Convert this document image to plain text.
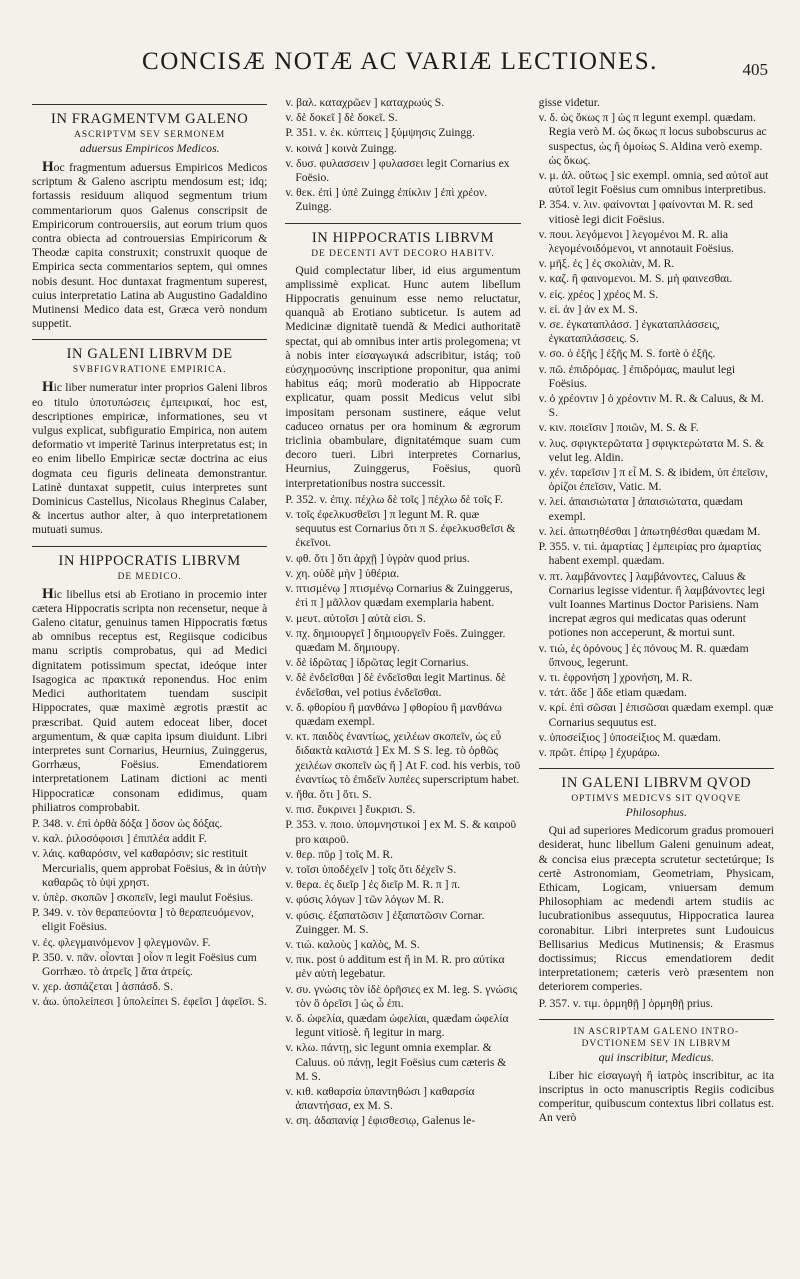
CONCISÆ NOTÆ AC VARIÆ LECTIONES.	405
IN FRAGMENTVM GALENO
ASCRIPTVM SEV SERMONEM
aduersus Empiricos Medicos.

Hoc fragmentum aduersus Empiricos Medicos scriptum & Galeno ascriptu mendosum est; idq; fortassis residuum aliquod segmentum trium commentariorum quos Galenus conscripsit de Empiricorum controuersiis, aut eorum trium quos contra obiecta ad controuersias Empiricorum & Theodæ capita construxit; construxit quoque de Empirica secta commentarios septem, qui omnes nobis desunt. Hoc duntaxat fragmentum superest, cuius interpretatio Latina ab Augustino Gadaldino Mutinensi Medico data est, Græca verò nondum suppetit.

IN GALENI LIBRVM DE
SVBFIGVRATIONE EMPIRICA.

Hic liber numeratur inter proprios Galeni libros eo titulo ὑποτυπώσεις ἐμπειρικαί, hoc est, descriptiones empiricæ, informationes, seu vt vulgus explicat, subfiguratio Empirica, non autem deformatio vt imperitè Tarinus interpretatus est; in eo enim libello Empiricæ sectæ doctrina ac eius dogmata ceu figuris delineata demonstrantur. Latinè duntaxat suppetit, cuius interpretes sunt Dominicus Castellus, Nicolaus Rheginus Calaber, & incertus author alter, à quo interpretationem mutuati sumus.

IN HIPPOCRATIS LIBRVM
DE MEDICO.

Hic libellus etsi ab Erotiano in procemio inter cætera Hippocratis scripta non recensetur, neque à Galeno citatur, genuinus tamen Hippocratis fœtus ab omnibus receptus est, Regiisque codicibus manu scriptis comprobatus, qui ad Medici dignitatem potissimum spectat, ideóque inter Isagogica ac πρακτικά reponendus. Hoc enim Medici authoritatem tuendam suscipit Hippocrates, quæ maximè ægrotis præstit ac præscribat. Quid autem edoceat liber, docet argumentum, & quæ capita ipsum diuidunt. Libri interpretes sunt Cornarius, Heurnius, Zuinggerus, Gorrhæus, Foësius. Emendatiorem interpretationem Latinam dictioni ac menti Hippocraticæ consonam edidimus, quam philiatros comprobabit.

P. 348. v. ἐπὶ ὀρθὰ δόξα ] ὅσον ὡς δόξας.
v. καλ. ῥιλοσόφοισι ] ἐπιπλέα addit F.
v. λάις. καθαρόσιν, vel καθαρόσιν; sic restituit Mercurialis, quem approbat Foësius, & in ἀὐτὴν καθαρῶς τὸ ὑψὶ χρηστ.
v. ὑπὲρ. σκοπῶν ] σκοπεῖν, legi maulut Foësius.
P. 349. v. τὸν θεραπεύοντα ] τὸ θεραπευόμενον, eligit Foësius.
v. ἐς. φλεγμαινόμενον ] φλεγμονῶν. F.
P. 350. v. πᾶν. οἷονται ] οἷον π legit Foësius cum Gorrhæo. τὸ ἀτρεῖς ] ἄτα ἀτρείς.
v. χερ. ἀσπάζεται ] ἀσπάσδ. S.
v. ἀω. ὑπολείπεσι ] ὑπολείπει S. ἐφεῖσι ] ἀφεῖσι. S.
v. βαλ. καταχρῶεν ] καταχρωύς S.
v. δὲ δοκεῖ ] δὲ δοκεῖ. S.
P. 351. v. ἐκ. κύπτεις ] ξύμψησις Zuingg.
v. κοινά ] κοινὰ Zuingg.
v. δυσ. φυλασσειν ] φυλασσει legit Cornarius ex Foësio.
v. θεκ. ἐπὶ ] ὑπὲ Zuingg ἐπίκλιν ] ἐπὶ χρέον. Zuingg.
IN HIPPOCRATIS LIBRVM
DE DECENTI AVT DECORO HABITV.

Quid complectatur liber, id eius argumentum amplissimè explicat. Hunc autem libellum Hippocratis genuinum esse nemo reluctatur, quanquã ab Erotiano subticetur. Is autem ad Medicinæ dignitatẽ tuendã & Medici authoritatẽ spectat, qui ab omnibus inter artis prolegomena; vt à nobis inter εἰσαγωγικά adscribitur, istáq; τοῦ εὐσχημοσύνης inscriptione proponitur, qua animi habitus eáq; morũ moderatio ab Hippocrate explicatur, quam possit Medicus velut sibi impositam personam sustinere, eáque velut caduceo ornatus per ora hominum & ægrorum tricliniа obambulare, dignitatémque suam cum decoro tueri. Libri interpretes Cornarius, Heurnius, Zuinggerus, Foësius, quorũ interpretationibus nostra successit.

P. 352. v. ἐπιχ. πέχλω δὲ τοῖς ] πέχλω δὲ τοῖς F.
v. τοῖς ἐφελκυσθεῖσι ] π legunt M. R. quæ sequutus est Cornarius ὅτι π S. ἐφελκυσθεῖσι & ἐκεῖνοι.
v. φθ. ὅτι ] ὅτι ἀρχῇ ] ὑγρὰν quod prius.
v. χη. οὐδὲ μὴν ] ὑθέρια.
v. πτισμένῳ ] πτισμένῳ Cornarius & Zuinggerus, ἐτὶ π ] μᾶλλον quædam exemplaria habent.
v. μευτ. αὐτοῖσι ] αὐτὰ εἰσι. S.
v. πχ. δημιουργεῖ ] δημιουργεῖν Foës. Zuingger. quædam M. δημιουργ.
v. δὲ ἰδρῶτας ] ἰδρῶτας legit Cornarius.
v. δὲ ἐνδεῖσθαι ] δὲ ἐνδεῖσθαι legit Martinus. δὲ ἐνδεῖσθαι, vel potius ἐνδεῖσθαι.
v. δ. φθορίου ἢ μανθάνω ] φθορίου ἢ μανθάνω quædam exempl.
v. κτ. παιδὸς ἐναντίως, χειλέων σκοπεῖν, ὡς εὖ διδακτὰ καλιστά ] Ex M. S S. leg. τὸ ὀρθῶς χειλέων σκοπεῖν ὡς ἤ ] At F. cod. his verbis, τοῦ ἐναντίως τὸ ἐπιδεῖν λυπέες superscriptum habet.
v. ἤθα. ὅτι ] ὅτι. S.
v. πισ. ἔυκρινει ] ἔυκρισι. S.
P. 353. v. ποιο. ὑπομνηστικοὶ ] ex M. S. & καιροῦ pro καιροῦ.
v. θερ. πῦρ ] τοῖς M. R.
v. τοῖσι ὑποδέχεῖν ] τοῖς ὅτι δέχεῖν S.
v. θερα. ἐς διεῖρ ] ἐς διεῖρ M. R. π ] π.
v. φύσις λόγων ] τῶν λόγων M. R.
v. φύσις. ἐξαπατῶσιν ] ἐξαπατῶσιν Cornar. Zuingger. M. S.
v. τιώ. καλοὺς ] καλὸς, M. S.
v. πικ. post ὑ additum est ἤ in M. R. pro αὐτίκα μὲν αὐτὴ legebatur.
v. συ. γνώσις τὸν ἰδὲ ὁρῆσιες ex M. leg. S. γνώσις τὸν ὃ ὁρεῖσι ] ὡς ὧ ἐπι.
v. δ. ὠφελία, quædam ὠφελίαι, quædam ὠφελία legunt vitiosè. ἤ legitur in marg.
v. κλω. πάντῃ, sic legunt omnia exemplar. & Caluus. οὐ πάνῃ, legit Foësius cum cæteris & M. S.
v. κιθ. καθαρσία ὑπαντηθώσι ] καθαρσία ἀπαντήσασ, ex M. S.
v. ση. ἀδαπανίᾳ ] ἐφισθεσιῳ, Galenus le-
gisse videtur.
v. δ. ὡς ὅκως π ] ὡς π legunt exempl. quædam. Regia verò M. ὡς ὅκως π locus subobscurus ac suspectus, ὡς ἤ ὁμοίως S. Aldina verò exemp. ὡς ὅκως.
v. μ. ἀλ. οὕτως ] sic exempl. omnia, sed αὐτοῖ aut αὐτοῖ legit Foësius cum omnibus interpretibus.
P. 354. v. λιν. φαίνονται ] φαίνονται M. R. sed vitiosè legi dicit Foësius.
v. πουι. λεγόμενοι ] λεγομένοι M. R. alia λεγομένοιδόμενοι, vt annotauit Foësius.
v. μῆξ. ἐς ] ἐς σκολιὰν, M. R.
v. καζ. ἢ φαινομενοι. M. S. μὴ φαινεσθαι.
v. εἰς. χρέος ] χρέος M. S.
v. εἰ. ἀν ] ἀν ex M. S.
v. σε. ἐγκαταπλάσσ. ] ἐγκαταπλάσσεις, ἐγκαταπλάσσεις. S.
v. σο. ὁ ἐξῆς ] ἐξῆς M. S. fortè ὁ ἐξῆς.
v. πῶ. ἐπιδρόμας. ] ἐπιδρόμας, maulut legi Foësius.
v. ὁ χρέοντιν ] ὁ χρέοντιν M. R. & Caluus, & M. S.
v. κιν. ποιεῖσιν ] ποιῶν, M. S. & F.
v. λυς. σφιγκτερῶτατα ] σφιγκτερώτατα M. S. & velut leg. Aldin.
v. χέν. ταρεῖσιν ] π εἶ M. S. & ibidem, ὑπ ἐπεῖσιν, ὁρίζοι ἐπεῖσιν, Vatic. M.
v. λεί. ἀπαισιώτατα ] ἀπαισιώτατα, quædam exempl.
v. λεί. ἀπωτηθέσθαι ] ἀπωτηθέσθαι quædam M.
P. 355. v. τιὶ. ἀμαρτίας ] ἐμπειρίας pro ἀμαρτίας habent exempl. quædam.
v. πτ. λαμβάνοντες ] λαμβάνοντες, Caluus & Cornarius legisse videntur. ἤ λαμβάνοντες legi vult Ioannes Martinus Doctor Parisiens. Nam increpat ægros qui medicatas quas oderunt potiones non acceperunt, & mortui sunt.
v. τιώ, ἐς ὁρόνους ] ἐς πόνους M. R. quædam ὕπνους, legerunt.
v. τι. ἐφρονήση ] χρονήση, M. R.
v. τάτ. ἄδε ] ἄδε etiam quædam.
v. κρί. ἐπὶ σῶσαι ] ἐπισῶσαι quædam exempl. quæ Cornarius sequutus est.
v. ὑποσείξιος ] ὑποσείξιος M. quædam.
v. πρῶτ. ἐπίρῳ ] ἐχυράρω.
IN GALENI LIBRVM QVOD
OPTIMVS MEDICVS SIT QVOQVE
Philosophus.

Qui ad superiores Medicorum gradus promoueri desiderat, hunc libellum Galeni genuinum adeat, & concisa eius præcepta scrutetur sectetúrque; Is certè Astronomiam, Geometriam, Physicam, Ethicam, Logicam, vniuersam demum Philosophiam ac medendi artem studiis ac lucubrationibus assequutus, Hippocratica laurea coronabitur. Libri interpretes sunt Ludouicus Bellisarius Medicus Mutinensis; & Erasmus doctissimus; Riccus emendatiorem dedit interpretationem; cæteris verò præsentem non deteriorem comperies.

P. 357. v. τιμ. ὁρμηθῇ ] ὁρμηθῇ prius.
IN ASCRIPTAM GALENO INTRO-
DVCTIONEM SEV IN LIBRVM
qui inscribitur, Medicus.

Liber hic εἰσαγωγὴ ἢ ἰατρὸς inscribitur, ac ita inscriptus in octo manuscriptis Regiis codicibus comperitur, quibuscum contextus libri collatus est. An verò
